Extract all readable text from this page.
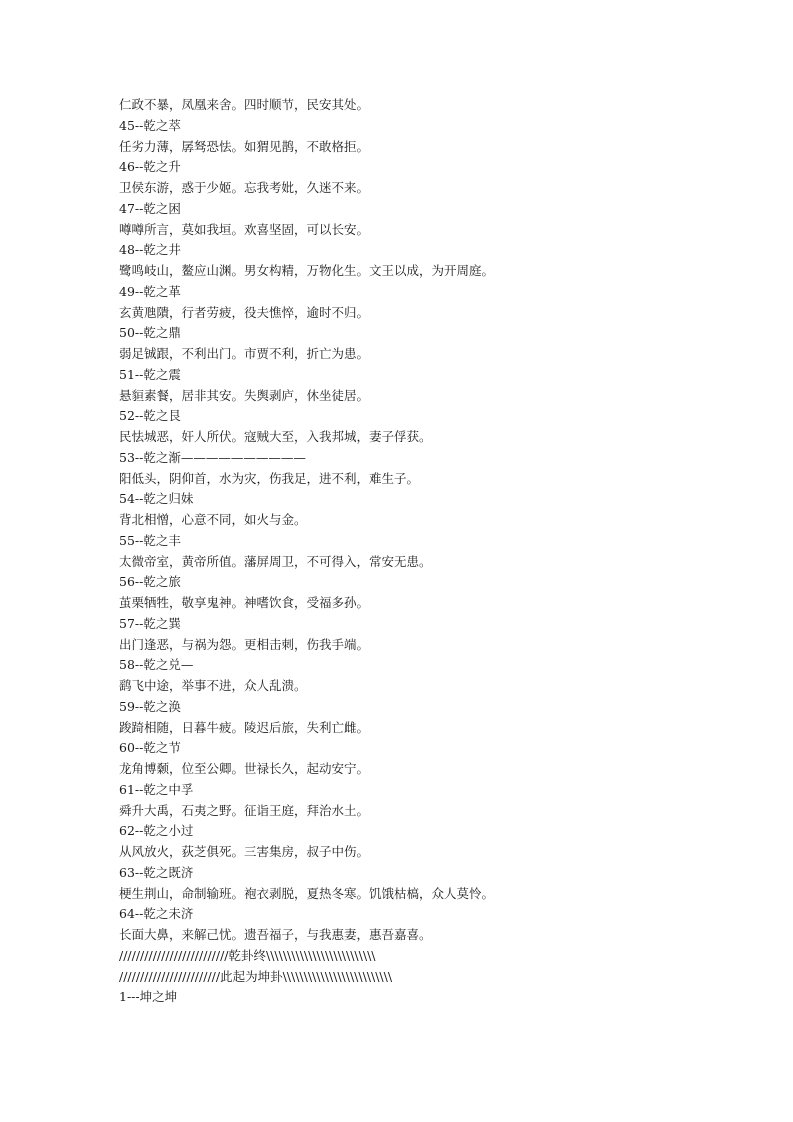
仁政不暴，凤凰来舍。四时顺节，民安其处。
45--乾之萃
任劣力薄，孱驽恐怯。如猬见鹊，不敢格拒。
46--乾之升
卫侯东游，惑于少姬。忘我考妣，久迷不来。
47--乾之困
噂噂所言，莫如我垣。欢喜坚固，可以长安。
48--乾之井
鹭鸣岐山，鳌应山渊。男女构精，万物化生。文王以成，为开周庭。
49--乾之革
玄黄虺隤，行者劳疲，役夫憔悴，逾时不归。
50--乾之鼎
弱足铖跟，不利出门。市贾不利，折亡为患。
51--乾之震
悬貆素餐，居非其安。失舆剥庐，休坐徒居。
52--乾之艮
民怯城恶，奸人所伏。寇贼大至，入我邦城，妻子俘获。
53--乾之渐——————————
阳低头，阴仰首，水为灾，伤我足，进不利，难生子。
54--乾之归妹
背北相憎，心意不同，如火与金。
55--乾之丰
太微帝室，黄帝所值。藩屏周卫，不可得入，常安无患。
56--乾之旅
茧栗牺牲，敬享鬼神。神嗜饮食，受福多孙。
57--乾之巽
出门逢恶，与祸为怨。更相击刺，伤我手端。
58--乾之兑—
鹞飞中途，举事不进，众人乱溃。
59--乾之涣
踆踦相随，日暮牛疲。陵迟后旅，失利亡雌。
60--乾之节
龙角博颡，位至公卿。世禄长久，起动安宁。
61--乾之中孚
舜升大禹，石夷之野。征诣王庭，拜治水土。
62--乾之小过
从风放火，荻芝俱死。三害集房，叔子中伤。
63--乾之既济
梗生荆山，命制输班。袍衣剥脱，夏热冬寒。饥饿枯槁，众人莫怜。
64--乾之未济
长面大鼻，来解己忧。遗吾福子，与我惠妻，惠吾嘉喜。
//////////////////////////乾卦终\\\\\\\\\\\\\\\\\\\\\\\\\\
////////////////////////此起为坤卦\\\\\\\\\\\\\\\\\\\\\\\\\\
1---坤之坤
